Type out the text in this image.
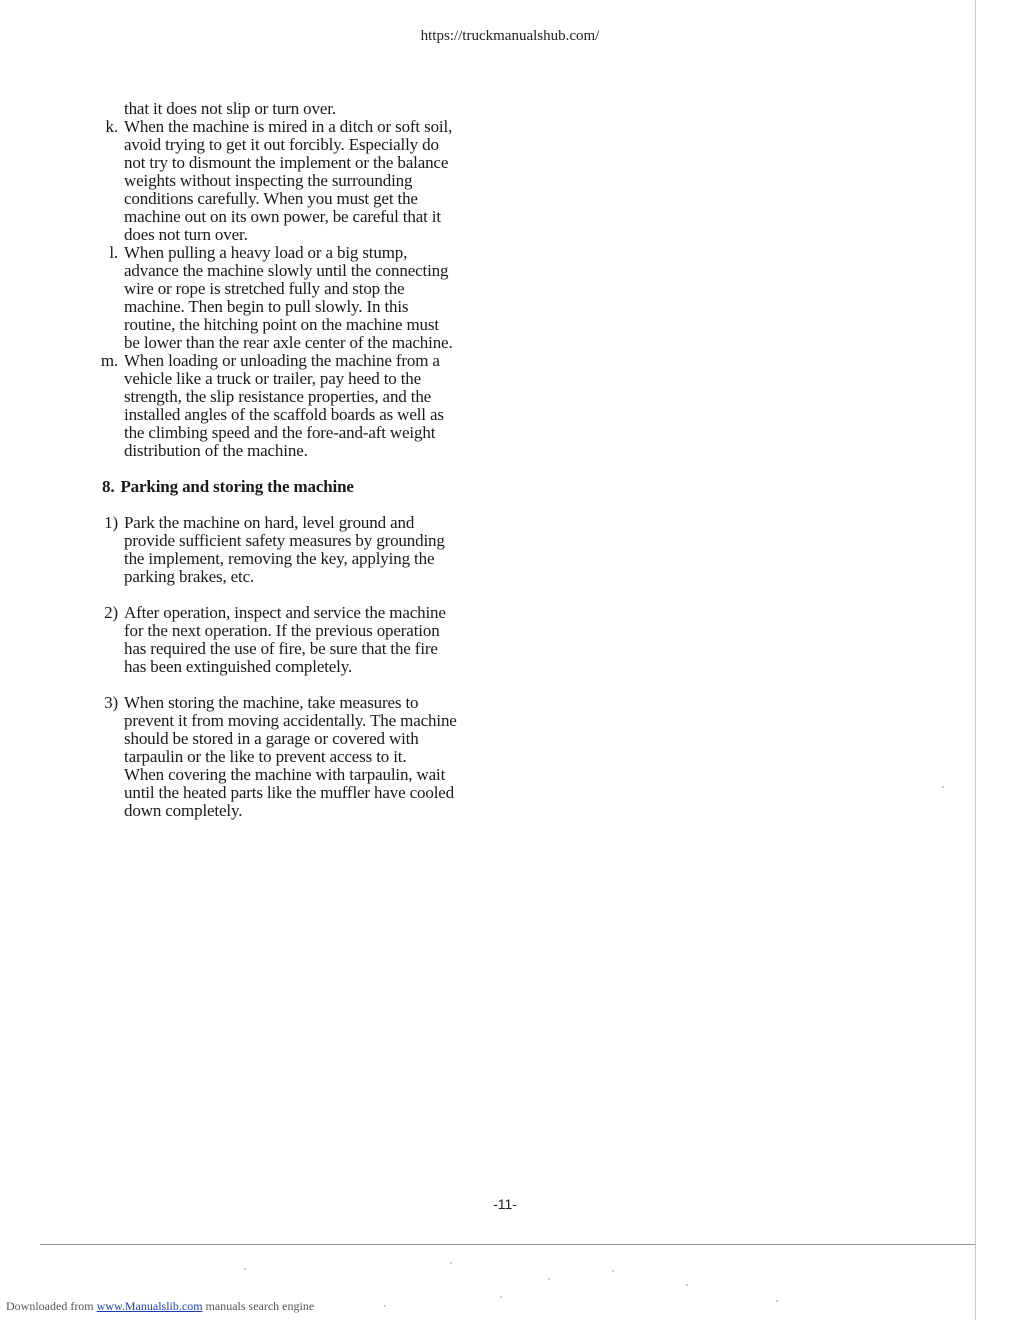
https://truckmanualshub.com/
that it does not slip or turn over.
k. When the machine is mired in a ditch or soft soil,
avoid trying to get it out forcibly. Especially do
not try to dismount the implement or the balance
weights without inspecting the surrounding
conditions carefully. When you must get the
machine out on its own power, be careful that it
does not turn over.
l. When pulling a heavy load or a big stump,
advance the machine slowly until the connecting
wire or rope is stretched fully and stop the
machine. Then begin to pull slowly. In this
routine, the hitching point on the machine must
be lower than the rear axle center of the machine.
m. When loading or unloading the machine from a
vehicle like a truck or trailer, pay heed to the
strength, the slip resistance properties, and the
installed angles of the scaffold boards as well as
the climbing speed and the fore-and-aft weight
distribution of the machine.
8. Parking and storing the machine
1) Park the machine on hard, level ground and
provide sufficient safety measures by grounding
the implement, removing the key, applying the
parking brakes, etc.
2) After operation, inspect and service the machine
for the next operation. If the previous operation
has required the use of fire, be sure that the fire
has been extinguished completely.
3) When storing the machine, take measures to
prevent it from moving accidentally. The machine
should be stored in a garage or covered with
tarpaulin or the like to prevent access to it.
When covering the machine with tarpaulin, wait
until the heated parts like the muffler have cooled
down completely.
-11-
Downloaded from www.Manualslib.com manuals search engine
